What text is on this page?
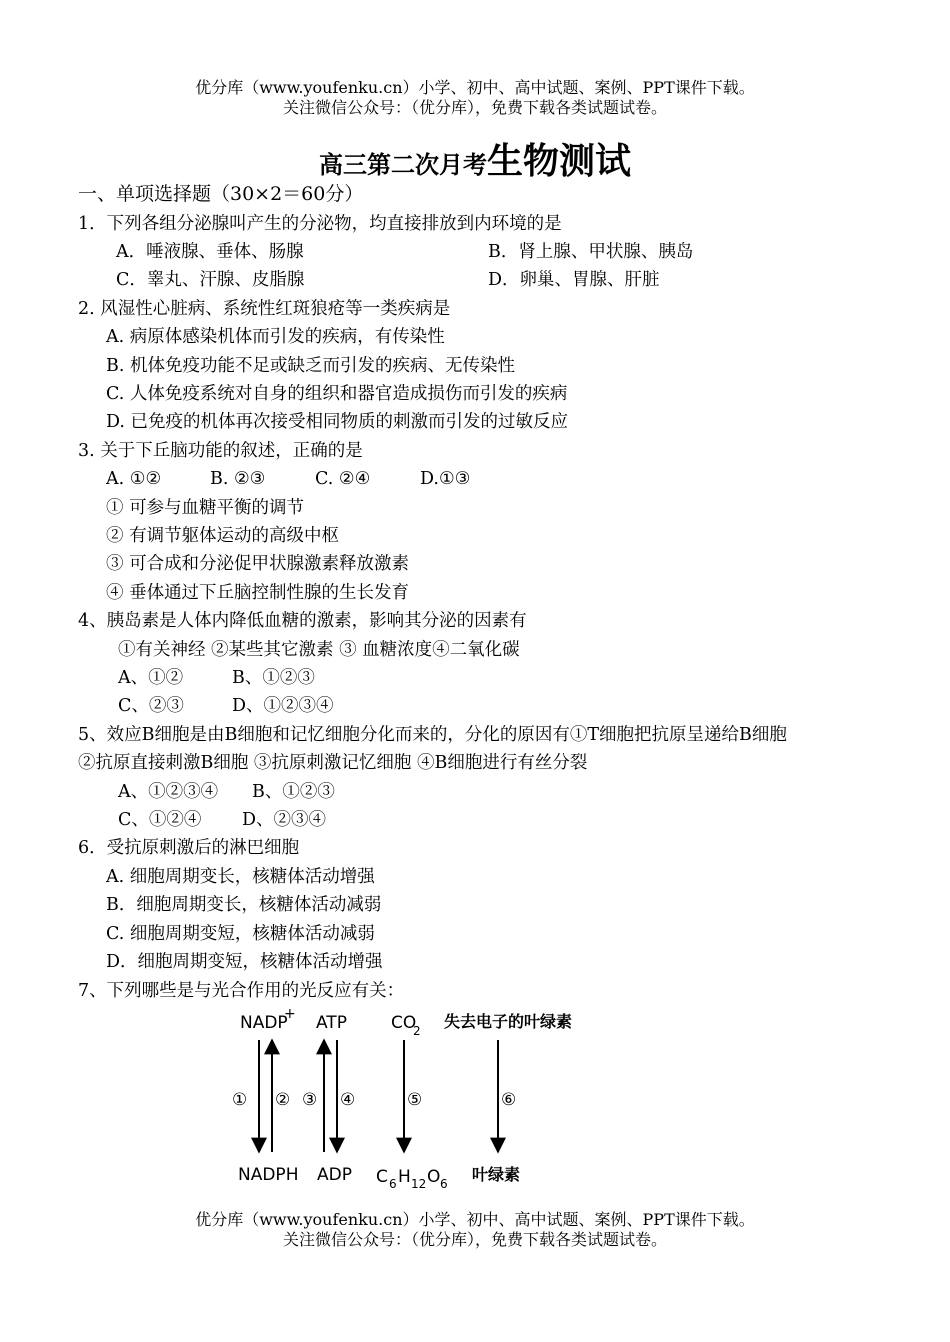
优分库（www.youfenku.cn）小学、初中、高中试题、案例、PPT课件下载。
关注微信公众号：（优分库），免费下载各类试题试卷。
高三第二次月考生物测试
一、单项选择题（30×2＝60分）
1．下列各组分泌腺叫产生的分泌物，均直接排放到内环境的是
A．唾液腺、垂体、肠腺	B．肾上腺、甲状腺、胰岛
C．睾丸、汗腺、皮脂腺	D．卵巢、胃腺、肝脏
2. 风湿性心脏病、系统性红斑狼疮等一类疾病是
A. 病原体感染机体而引发的疾病，有传染性
B. 机体免疫功能不足或缺乏而引发的疾病、无传染性
C. 人体免疫系统对自身的组织和器官造成损伤而引发的疾病
D. 已免疫的机体再次接受相同物质的刺激而引发的过敏反应
3. 关于下丘脑功能的叙述，正确的是
A. ①②	B. ②③	C. ②④	D.①③
① 可参与血糖平衡的调节
② 有调节躯体运动的高级中枢
③ 可合成和分泌促甲状腺激素释放激素
④ 垂体通过下丘脑控制性腺的生长发育
4、胰岛素是人体内降低血糖的激素，影响其分泌的因素有
①有关神经 ②某些其它激素 ③ 血糖浓度④二氧化碳
A、①②	B、①②③
C、②③	D、①②③④
5、效应B细胞是由B细胞和记忆细胞分化而来的，分化的原因有①T细胞把抗原呈递给B细胞
②抗原直接刺激B细胞 ③抗原刺激记忆细胞 ④B细胞进行有丝分裂
A、①②③④ B、①②③
C、①②④ D、②③④
6．受抗原刺激后的淋巴细胞
A. 细胞周期变长，核糖体活动增强
B．细胞周期变长，核糖体活动减弱
C. 细胞周期变短，核糖体活动减弱
D．细胞周期变短，核糖体活动增强
7、下列哪些是与光合作用的光反应有关：
NADP
+ ATP	CO
2 失去电子的叶绿素
① ② ③ ④	⑤	⑥
NADPH ADP C 6 H 12 O 6 叶绿素
优分库（www.youfenku.cn）小学、初中、高中试题、案例、PPT课件下载。
关注微信公众号：（优分库），免费下载各类试题试卷。
